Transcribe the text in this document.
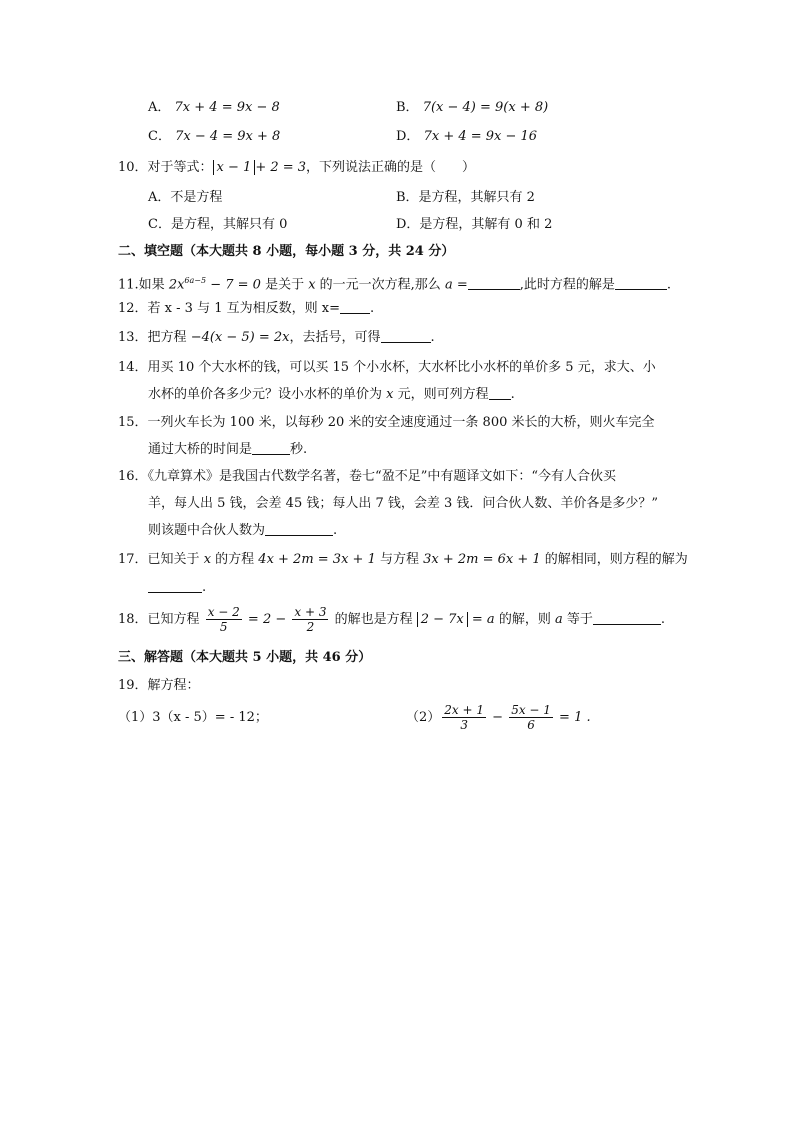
A． 7x + 4 = 9x − 8	B． 7(x − 4) = 9(x + 8)
C． 7x − 4 = 9x + 8	D． 7x + 4 = 9x − 16
10．对于等式： x − 1 + 2 = 3，下列说法正确的是（　　）
A．不是方程	B．是方程，其解只有 2
C．是方程，其解只有 0	D．是方程，其解有 0 和 2
二、填空题（本大题共 8 小题，每小题 3 分，共 24 分）
11.如果 $2x^{6a-5} - 7 = 0$ 是关于 x 的一元一次方程,那么 a =	,此时方程的解是	.
12．若 x - 3 与 1 互为相反数，则 x= .
13．把方程 −4(x − 5) = 2x，去括号，可得	.
14．用买 10 个大水杯的钱，可以买 15 个小水杯，大水杯比小水杯的单价多 5 元，求大、小
水杯的单价各多少元？设小水杯的单价为 x 元，则可列方程 .
15．一列火车长为 100 米，以每秒 20 米的安全速度通过一条 800 米长的大桥，则火车完全
通过大桥的时间是	秒.
16．《九章算术》是我国古代数学名著，卷七“盈不足”中有题译文如下：“今有人合伙买
羊，每人出 5 钱，会差 45 钱；每人出 7 钱，会差 3 钱．问合伙人数、羊价各是多少？”
则该题中合伙人数为	.
17．已知关于 x 的方程 4x + 2m = 3x + 1 与方程 3x + 2m = 6x + 1 的解相同，则方程的解为
.
18．已知方程 $\frac{x - 2}{5} = 2 - \frac{x + 3}{2}$ 的解也是方程 2 − 7x = a 的解，则 a 等于	.
三、解答题（本大题共 5 小题，共 46 分）
19．解方程：
（1）3（x - 5）= - 12；	$(2) \frac{2x + 1}{3} - \frac{5x - 1}{6} = 1$ .
